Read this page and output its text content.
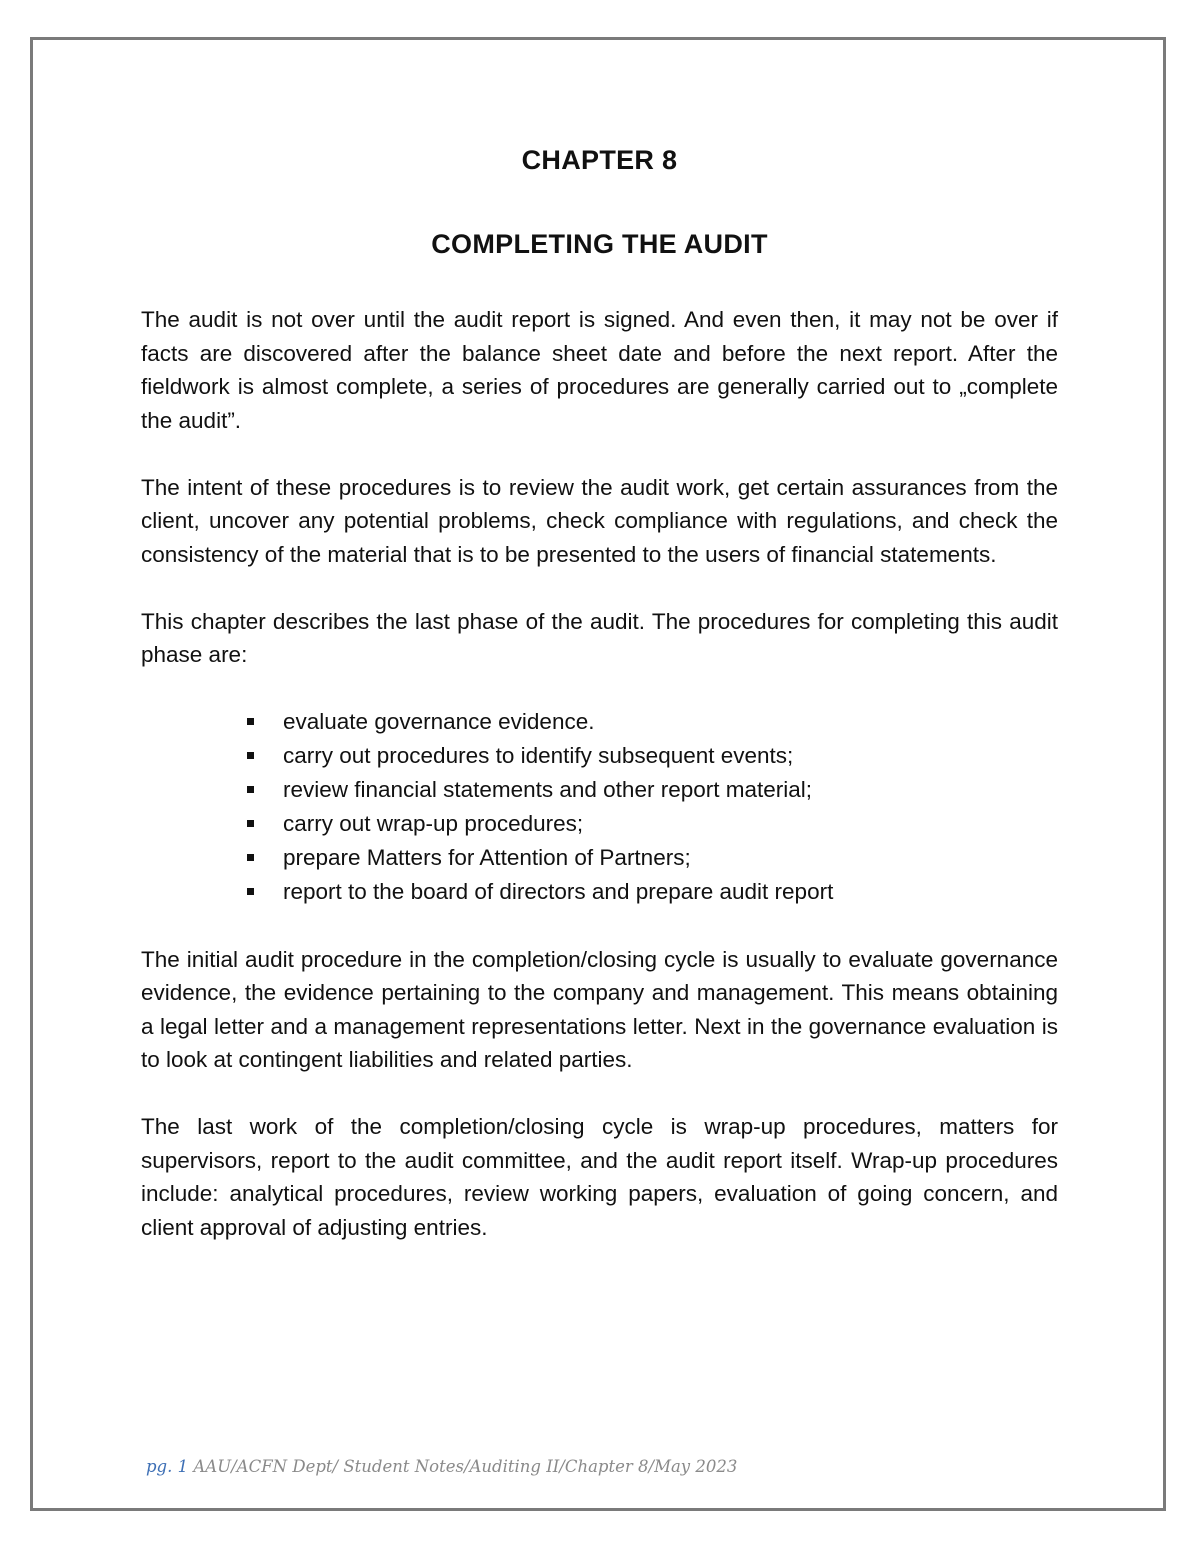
CHAPTER 8
COMPLETING THE AUDIT

The audit is not over until the audit report is signed. And even then, it may not be over if facts are discovered after the balance sheet date and before the next report. After the fieldwork is almost complete, a series of procedures are generally carried out to „complete the audit”.

The intent of these procedures is to review the audit work, get certain assurances from the client, uncover any potential problems, check compliance with regulations, and check the consistency of the material that is to be presented to the users of financial statements.

This chapter describes the last phase of the audit. The procedures for completing this audit phase are:

evaluate governance evidence.
carry out procedures to identify subsequent events;
review financial statements and other report material;
carry out wrap-up procedures;
prepare Matters for Attention of Partners;
report to the board of directors and prepare audit report

The initial audit procedure in the completion/closing cycle is usually to evaluate governance evidence, the evidence pertaining to the company and management. This means obtaining a legal letter and a management representations letter. Next in the governance evaluation is to look at contingent liabilities and related parties.

The last work of the completion/closing cycle is wrap-up procedures, matters for supervisors, report to the audit committee, and the audit report itself. Wrap-up procedures include: analytical procedures, review working papers, evaluation of going concern, and client approval of adjusting entries.

pg. 1 AAU/ACFN Dept/ Student Notes/Auditing II/Chapter 8/May 2023
